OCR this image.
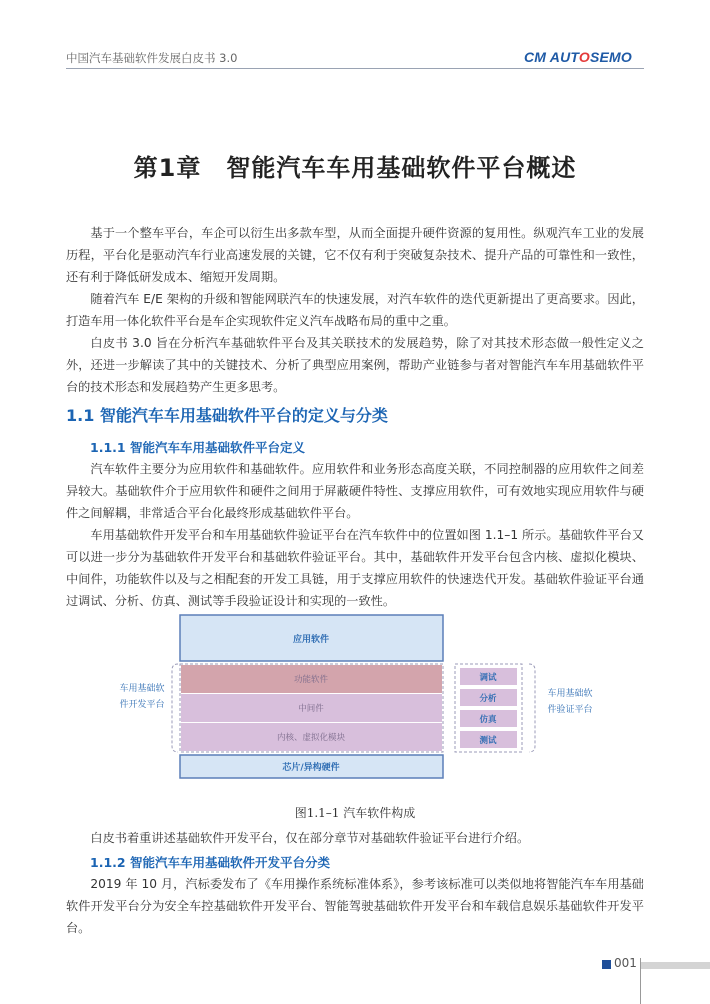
中国汽车基础软件发展白皮书 3.0	CM AUTOSEMO
第1章　智能汽车车用基础软件平台概述

基于一个整车平台，车企可以衍生出多款车型，从而全面提升硬件资源的复用性。纵观汽车工业的发展历程，平台化是驱动汽车行业高速发展的关键，它不仅有利于突破复杂技术、提升产品的可靠性和一致性，还有利于降低研发成本、缩短开发周期。

随着汽车 E/E 架构的升级和智能网联汽车的快速发展，对汽车软件的迭代更新提出了更高要求。因此，打造车用一体化软件平台是车企实现软件定义汽车战略布局的重中之重。

白皮书 3.0 旨在分析汽车基础软件平台及其关联技术的发展趋势，除了对其技术形态做一般性定义之外，还进一步解读了其中的关键技术、分析了典型应用案例，帮助产业链参与者对智能汽车车用基础软件平台的技术形态和发展趋势产生更多思考。

1.1 智能汽车车用基础软件平台的定义与分类
1.1.1 智能汽车车用基础软件平台定义

汽车软件主要分为应用软件和基础软件。应用软件和业务形态高度关联，不同控制器的应用软件之间差异较大。基础软件介于应用软件和硬件之间用于屏蔽硬件特性、支撑应用软件，可有效地实现应用软件与硬件之间解耦，非常适合平台化最终形成基础软件平台。

车用基础软件开发平台和车用基础软件验证平台在汽车软件中的位置如图 1.1–1 所示。基础软件平台又可以进一步分为基础软件开发平台和基础软件验证平台。其中，基础软件开发平台包含内核、虚拟化模块、中间件，功能软件以及与之相配套的开发工具链，用于支撑应用软件的快速迭代开发。基础软件验证平台通过调试、分析、仿真、测试等手段验证设计和实现的一致性。

车用基础软
件开发平台
应用软件
功能软件
中间件
内核、虚拟化模块
芯片/异构硬件
调试
分析
仿真
测试
车用基础软
件验证平台
图1.1–1 汽车软件构成

白皮书着重讲述基础软件开发平台，仅在部分章节对基础软件验证平台进行介绍。

1.1.2 智能汽车车用基础软件开发平台分类

2019 年 10 月，汽标委发布了《车用操作系统标准体系》，参考该标准可以类似地将智能汽车车用基础软件开发平台分为安全车控基础软件开发平台、智能驾驶基础软件开发平台和车载信息娱乐基础软件开发平台。

001
